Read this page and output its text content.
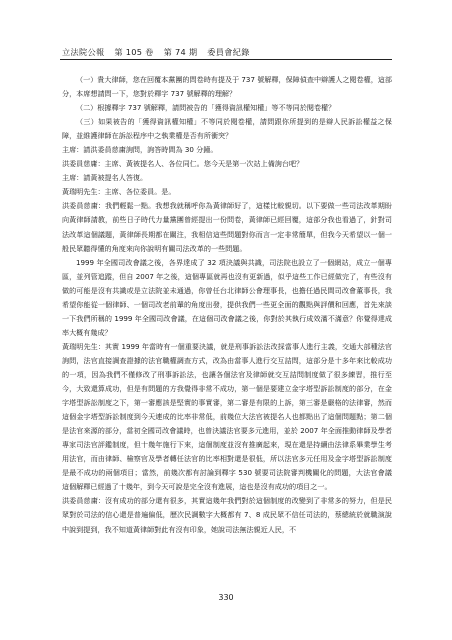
立法院公報 第 105 卷 第 74 期 委員會紀錄

（一）貴大律師，您在回覆本黨團的問卷時有提及于 737 號解釋，保障偵查中辯護人之閱卷權，這部分，本席想請問一下，您對於釋字 737 號解釋的理解？

（二）根據釋字 737 號解釋，請問被告的「獲得資訊權知權」等不等同於閱卷權？

（三）如果被告的「獲得資訊權知權」不等同於閱卷權，請問跟你所提到的是辯人民訴訟權益之保障，並維護律師在訴訟程序中之執業權是否有所衝突？

主席：請洪委員慈庸詢問，詢答時間為 30 分鐘。

洪委員慈庸：主席、黃被提名人、各位同仁。您今天是第一次站上備詢台吧？

主席：請黃被提名人答復。

黃瑞明先生：主席、各位委員。是。

洪委員慈庸：我們輕鬆一點。我想我就稱呼你為黃律師好了，這樣比較親切。以下要做一些司法改革期盼向黃律師請教，前些日子時代力量黨團曾經提出一份問卷，黃律師已經回覆，這部分我也看過了，針對司法改革這個議題，黃律師長期都在關注，我相信這些問題對你而言一定非常簡單，但我今天希望以一個一般民眾聽得懂的角度來向你說明有關司法改革的一些問題。

1999 年全國司改會議之後，各界達成了 32 項決議與共識，司法院也設立了一個網站，成立一個專區，並列管追蹤，但自 2007 年之後，這個專區就再也沒有更新過，似乎這些工作已經做完了，有些沒有做的可能是沒有共識或是立法院並未通過，你曾任台北律師公會理事長，也擔任過民間司改會董事長，我希望你能從一個律師、一個司改老前輩的角度出發，提供我們一些更全面的觀點與評價和回應，首先來談一下我們所稱的 1999 年全國司改會議，在這個司改會議之後，你對於其執行成效滿不滿意？你覺得達成率大概有幾成？

黃瑞明先生：其實 1999 年當時有一個重要決議，就是刑事訴訟法改採當事人進行主義，交通大部種法官詢問，法官直接調查證據的法官職權調查方式，改為由當事人進行交互詰問，這部分是十多年來比較成功的一項，因為我們不僅修改了刑事訴訟法，也讓各個法官及律師就交互詰問制度做了很多練習，推行至今，大致還算成功，但是有問題的方我覺得非常不成功，第一個是要建立金字塔型訴訟制度的部分，在金字塔型訴訟制度之下，第一審應該是堅實的事實審，第二審是有限的上訴，第三審是嚴格的法律審，然而這個金字塔型訴訟制度到今天連成的比率非常低，前幾位大法官被提名人也都點出了這個問題點；第二個是法官來源的部分，當初全國司改會議時，也曾決議法官要多元進用，並於 2007 年全面推動律師及學者專家司法官評鑑制度，但十幾年施行下來，這個制度並沒有推廣起來，現在還是持續由法律系畢業學生考用法官，而由律師、檢察官及學者轉任法官的比率相對還是很低，所以法官多元任用及金字塔型訴訟制度是最不成功的兩個項目；當然，前幾次都有討論到釋字 530 號要司法院審判機關化的問題，大法官會議這個解釋已經過了十幾年，到今天可說是完全沒有進展，這也是沒有成功的項目之一。

洪委員慈庸：沒有成功的部分還有很多，其實這幾年我們對於這個制度的改變到了非常多的努力，但是民眾對於司法的信心還是普遍偏低，歷次民調數字大概都有 7、8 成民眾不信任司法的，蔡總統於就職演說中說到提到，我不知道黃律師對此有沒有印象，她說司法無法親近人民，不

330
